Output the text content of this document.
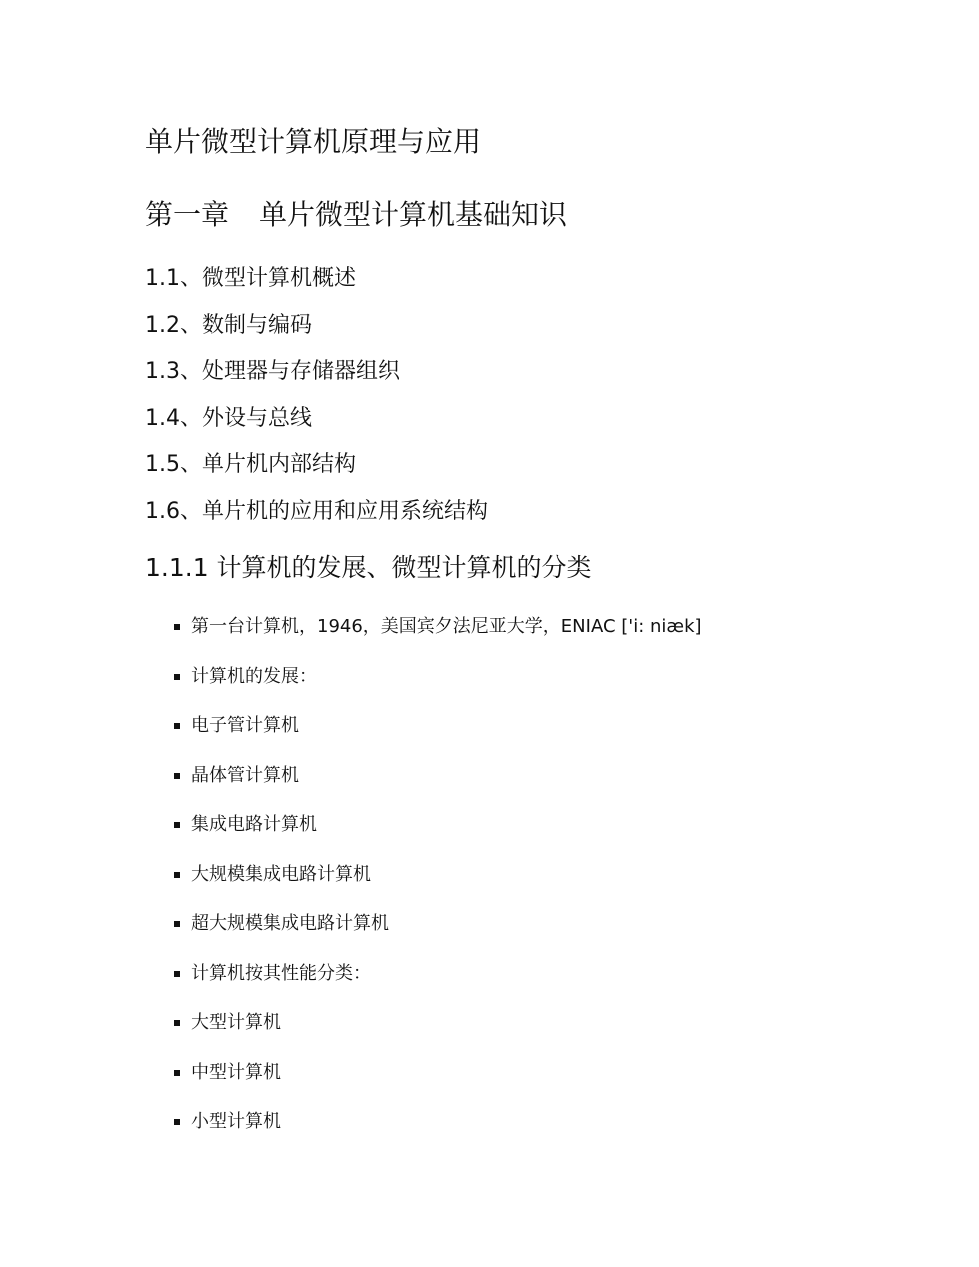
单片微型计算机原理与应用
第一章 单片微型计算机基础知识
1.1、微型计算机概述
1.2、数制与编码
1.3、处理器与存储器组织
1.4、外设与总线
1.5、单片机内部结构
1.6、单片机的应用和应用系统结构
1.1.1 计算机的发展、微型计算机的分类
第一台计算机，1946，美国宾夕法尼亚大学，ENIAC ['i: niæk]
计算机的发展：
电子管计算机
晶体管计算机
集成电路计算机
大规模集成电路计算机
超大规模集成电路计算机
计算机按其性能分类：
大型计算机
中型计算机
小型计算机
